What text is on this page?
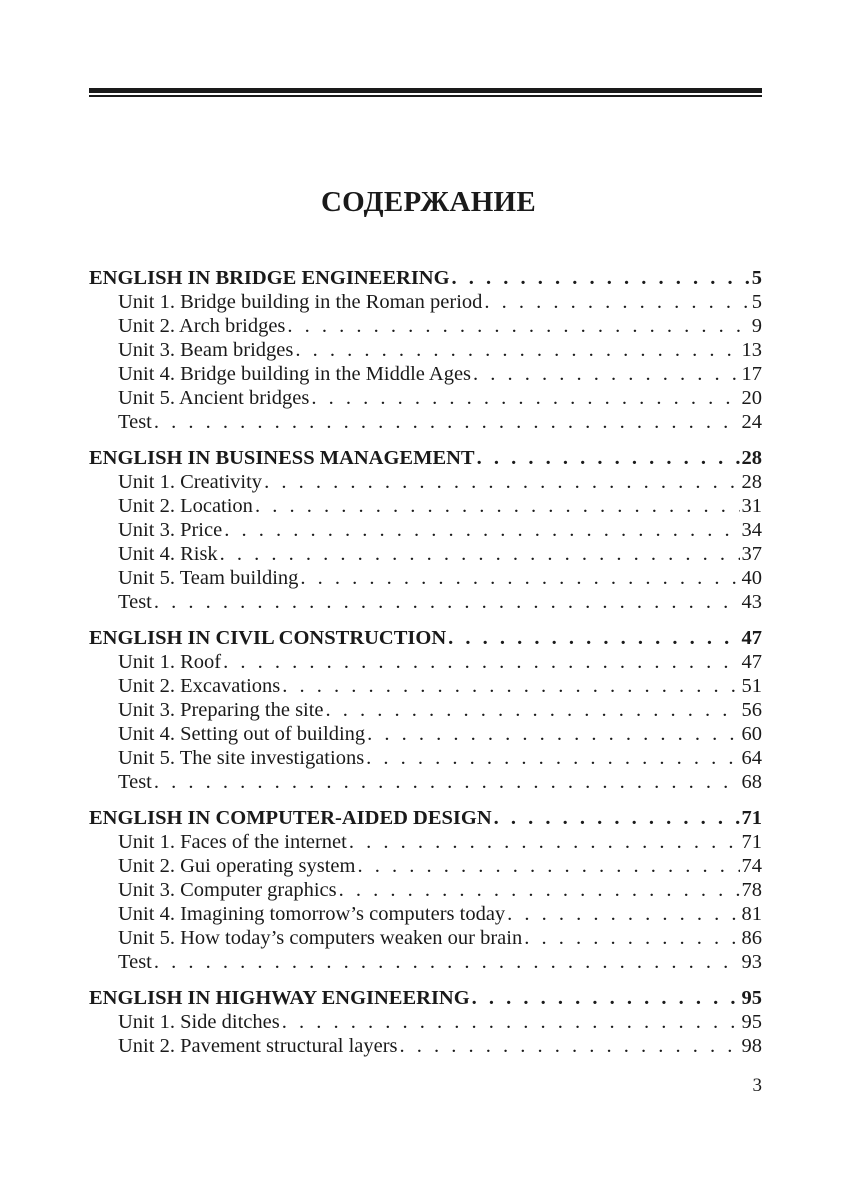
СОДЕРЖАНИЕ
ENGLISH IN BRIDGE ENGINEERING . . .	5
Unit 1. Bridge building in the Roman period . . .	5
Unit 2. Arch bridges . . .	9
Unit 3. Beam bridges . . .	13
Unit 4. Bridge building in the Middle Ages . . .	17
Unit 5. Ancient bridges . . .	20
Test . . .	24
ENGLISH IN BUSINESS MANAGEMENT . . .	28
Unit 1. Creativity . . .	28
Unit 2. Location . . .	31
Unit 3. Price . . .	34
Unit 4. Risk . . .	37
Unit 5. Team building . . .	40
Test . . .	43
ENGLISH IN CIVIL CONSTRUCTION . . .	47
Unit 1. Roof . . .	47
Unit 2. Excavations . . .	51
Unit 3. Preparing the site . . .	56
Unit 4. Setting out of building . . .	60
Unit 5. The site investigations . . .	64
Test . . .	68
ENGLISH IN COMPUTER-AIDED DESIGN . . .	71
Unit 1. Faces of the internet . . .	71
Unit 2. Gui operating system . . .	74
Unit 3. Computer graphics . . .	78
Unit 4. Imagining tomorrow’s computers today . . .	81
Unit 5. How today’s computers weaken our brain . . .	86
Test . . .	93
ENGLISH IN HIGHWAY ENGINEERING . . .	95
Unit 1. Side ditches . . .	95
Unit 2. Pavement structural layers . . .	98
3
